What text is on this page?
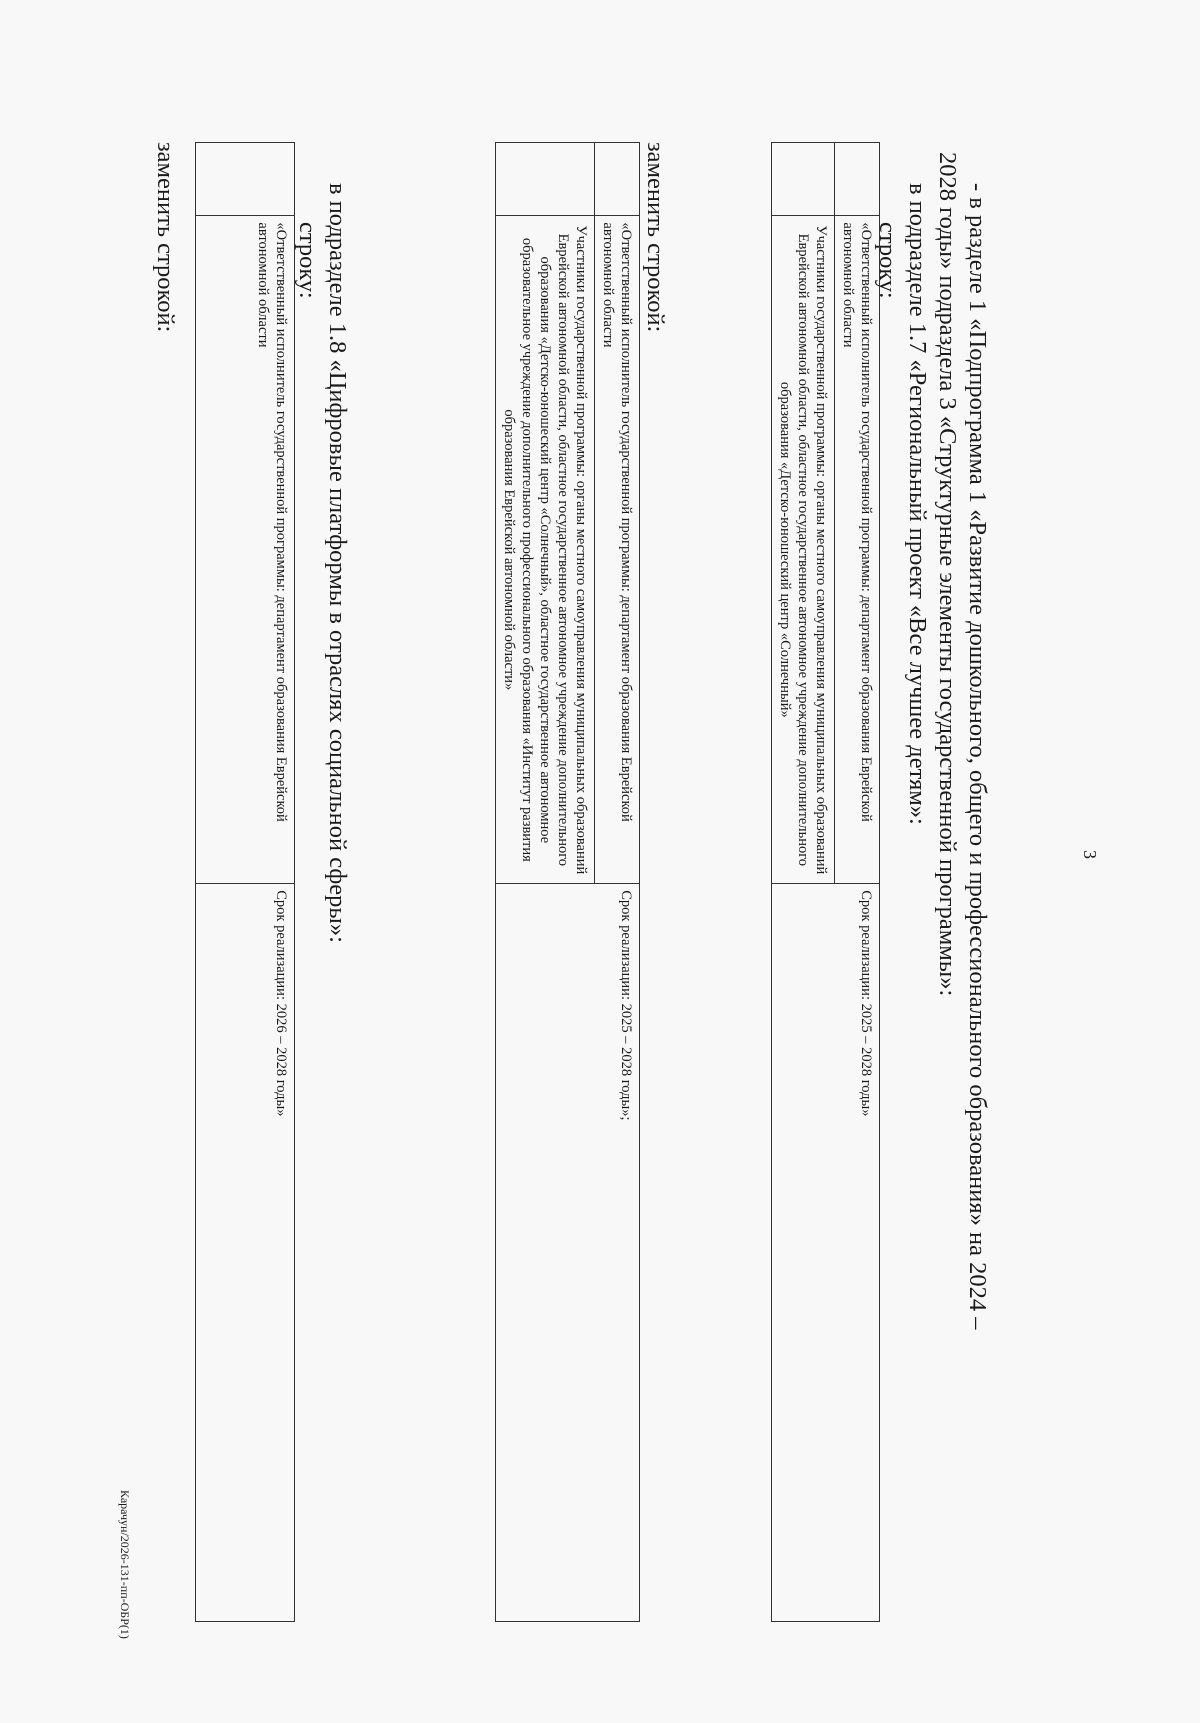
3
- в разделе 1 «Подпрограмма 1 «Развитие дошкольного, общего и профессионального образования» на 2024 –
2028 годы» подраздела 3 «Структурные элементы государственной программы»:
в подразделе 1.7 «Региональный проект «Все лучшее детям»:
строку:
	«Ответственный исполнитель государственной программы: департамент образования Еврейской автономной области	Срок реализации: 2025 – 2028 годы»
	Участники государственной программы: органы местного самоуправления муниципальных образований Еврейской автономной области, областное государственное автономное учреждение дополнительного образования «Детско-юношеский центр «Солнечный»	
заменить строкой:
	«Ответственный исполнитель государственной программы: департамент образования Еврейской автономной области	Срок реализации: 2025 – 2028 годы»;
	Участники государственной программы: органы местного самоуправления муниципальных образований Еврейской автономной области, областное государственное автономное учреждение дополнительного образования «Детско-юношеский центр «Солнечный», областное государственное автономное образовательное учреждение дополнительного профессионального образования «Институт развития образования Еврейской автономной области»	
в подразделе 1.8 «Цифровые платформы в отраслях социальной сферы»:
строку:
	«Ответственный исполнитель государственной программы: департамент образования Еврейской автономной области	Срок реализации: 2026 – 2028 годы»
заменить строкой:
Карачун/2026-131-пп-ОБР(1)
